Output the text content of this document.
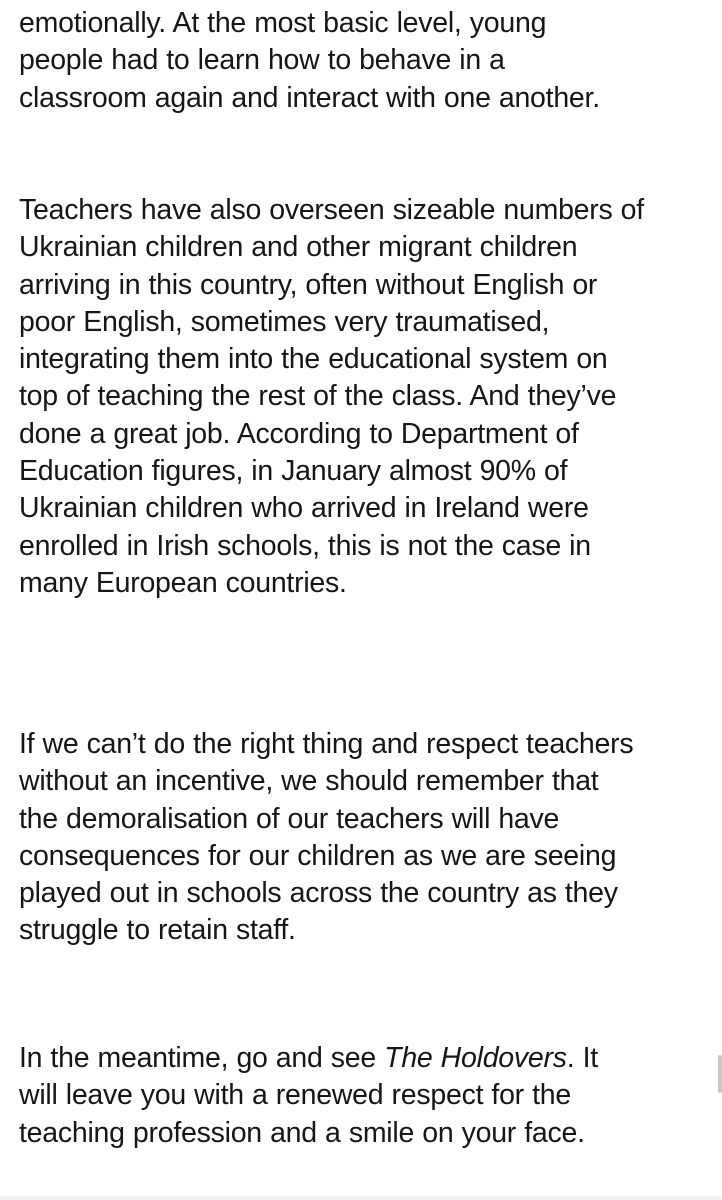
emotionally. At the most basic level, young
people had to learn how to behave in a
classroom again and interact with one another.

Teachers have also overseen sizeable numbers of
Ukrainian children and other migrant children
arriving in this country, often without English or
poor English, sometimes very traumatised,
integrating them into the educational system on
top of teaching the rest of the class. And they’ve
done a great job. According to Department of
Education figures, in January almost 90% of
Ukrainian children who arrived in Ireland were
enrolled in Irish schools, this is not the case in
many European countries.

If we can’t do the right thing and respect teachers
without an incentive, we should remember that
the demoralisation of our teachers will have
consequences for our children as we are seeing
played out in schools across the country as they
struggle to retain staff.

In the meantime, go and see The Holdovers. It
will leave you with a renewed respect for the
teaching profession and a smile on your face.
